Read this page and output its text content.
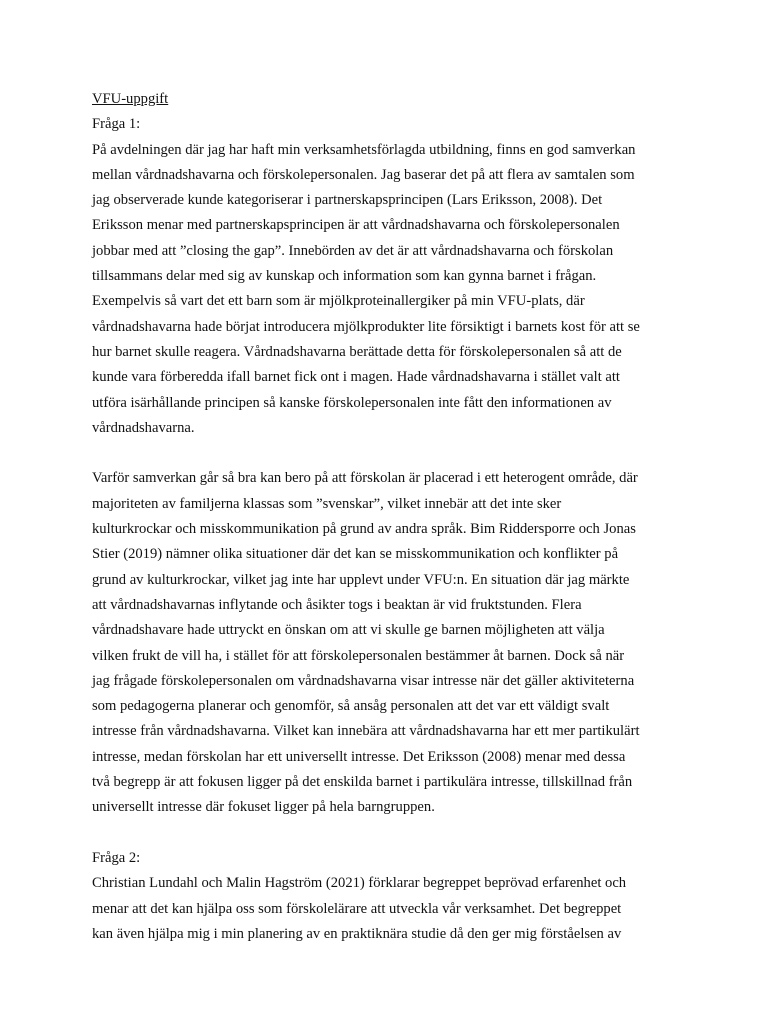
VFU-uppgift
Fråga 1:
På avdelningen där jag har haft min verksamhetsförlagda utbildning, finns en god samverkan
mellan vårdnadshavarna och förskolepersonalen. Jag baserar det på att flera av samtalen som
jag observerade kunde kategoriserar i partnerskapsprincipen (Lars Eriksson, 2008). Det
Eriksson menar med partnerskapsprincipen är att vårdnadshavarna och förskolepersonalen
jobbar med att ”closing the gap”. Innebörden av det är att vårdnadshavarna och förskolan
tillsammans delar med sig av kunskap och information som kan gynna barnet i frågan.
Exempelvis så vart det ett barn som är mjölkproteinallergiker på min VFU-plats, där
vårdnadshavarna hade börjat introducera mjölkprodukter lite försiktigt i barnets kost för att se
hur barnet skulle reagera. Vårdnadshavarna berättade detta för förskolepersonalen så att de
kunde vara förberedda ifall barnet fick ont i magen. Hade vårdnadshavarna i stället valt att
utföra isärhållande principen så kanske förskolepersonalen inte fått den informationen av
vårdnadshavarna.
Varför samverkan går så bra kan bero på att förskolan är placerad i ett heterogent område, där
majoriteten av familjerna klassas som ”svenskar”, vilket innebär att det inte sker
kulturkrockar och misskommunikation på grund av andra språk. Bim Riddersporre och Jonas
Stier (2019) nämner olika situationer där det kan se misskommunikation och konflikter på
grund av kulturkrockar, vilket jag inte har upplevt under VFU:n. En situation där jag märkte
att vårdnadshavarnas inflytande och åsikter togs i beaktan är vid fruktstunden. Flera
vårdnadshavare hade uttryckt en önskan om att vi skulle ge barnen möjligheten att välja
vilken frukt de vill ha, i stället för att förskolepersonalen bestämmer åt barnen. Dock så när
jag frågade förskolepersonalen om vårdnadshavarna visar intresse när det gäller aktiviteterna
som pedagogerna planerar och genomför, så ansåg personalen att det var ett väldigt svalt
intresse från vårdnadshavarna. Vilket kan innebära att vårdnadshavarna har ett mer partikulärt
intresse, medan förskolan har ett universellt intresse. Det Eriksson (2008) menar med dessa
två begrepp är att fokusen ligger på det enskilda barnet i partikulära intresse, tillskillnad från
universellt intresse där fokuset ligger på hela barngruppen.
Fråga 2:
Christian Lundahl och Malin Hagström (2021) förklarar begreppet beprövad erfarenhet och
menar att det kan hjälpa oss som förskolelärare att utveckla vår verksamhet. Det begreppet
kan även hjälpa mig i min planering av en praktiknära studie då den ger mig förståelsen av
